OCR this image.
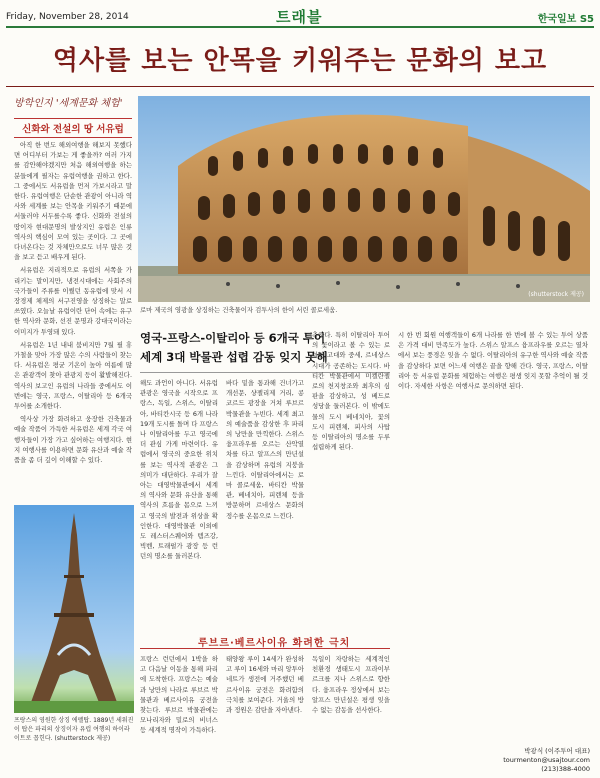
Friday, November 28, 2014	트래블	한국일보 S5
역사를 보는 안목을 키워주는 문화의 보고
방학인지 '세계문화 체험'
신화와 전설의 땅 서유럽

아직 한 번도 해외여행을 해보지 못했다면 어디부터 가보는 게 좋을까? 여러 가지를 감안해야겠지만 처음 해외여행을 하는 분들에게 필자는 유럽여행을 권하고 한다. 그 중에서도 서유럽을 먼저 가보시라고 말한다. 유럽여행은 단순한 관광이 아니라 역사와 세계를 보는 안목을 키워주기 때문에 서둘러야 서두를수록 좋다. 신화와 전설의 땅이자 현대문명의 발상지인 유럽은 인류 역사의 핵심이 모여 있는 곳이다. 그 곳에 다녀온다는 것 자체만으로도 너무 많은 것을 보고 듣고 배우게 된다.

서유럽은 지리적으로 유럽의 서쪽을 가리키는 말이지만, 냉전시대에는 사회주의 국가들이 주류를 이뤘던 동유럽에 맞서 시장경제 체제의 서구진영을 상징하는 말로 쓰였다. 오늘날 유럽이란 단어 속에는 유구한 역사와 문화, 선진 문명과 강대국이라는 이미지가 투영돼 있다.

서유럽은 1년 내내 붐비지만 7월 필 휴가철을 맞아 가장 많은 수의 사람들이 찾는다. 서유럽은 평균 기온이 높아 여름에 많은 관광객이 찾아 관광지 등이 활발해진다. 역사의 보고인 유럽의 나라들 중에서도 이번에는 영국, 프랑스, 이탈리아 등 6개국 투어를 소개한다.

역사상 가장 화려하고 웅장한 건축물과 예술 작품이 가득한 서유럽은 세계 각국 여행자들이 가장 가고 싶어하는 여행지다. 현지 여행사를 이용하면 문화 유산과 예술 작품을 좀 더 깊이 이해할 수 있다.

(shutterstock 제공)
로마 제국의 영광을 상징하는 건축물이자 검투사의 한이 서린 콜로세움.
영국-프랑스-이탈리아 등 6개국 투어
세계 3대 박물관 섭렵 감동 잊지 못해
해도 과언이 아니다. 서유럽 관광은 영국을 시작으로 프랑스, 독일, 스위스, 이탈리아, 바티칸시국 등 6개 나라 19개 도시를 돌며 다 프랑스나 이탈리아를 두고 영국에 더 관심 가게 마련이다. 유럽에서 영국의 중요한 위치를 보는 역사적 관광은 그 의미가 대단하다. 우리가 잘 아는 대영박물관에서 세계의 역사와 문화 유산을 통해 역사의 흐름을 몸으로 느끼고 영국의 발전과 위상을 확인한다. 대영박물관 이외에도 레스터스퀘어와 템즈강, 빅벤, 트래펄가 광장 등 런던의 명소를 둘러본다.
바다 밑을 통과해 건너가고 개선문, 샹젤리제 거리, 콩코르드 광장을 거쳐 루브르 박물관을 누빈다. 세계 최고의 예술품을 감상한 후 파리의 낭만을 만끽한다. 스위스 융프라우를 오르는 산악열차를 타고 알프스의 만년설을 감상하며 유럽의 지붕을 느낀다. 이탈리아에서는 로마 콜로세움, 바티칸 박물관, 베네치아, 피렌체 등을 방문하며 르네상스 문화의 정수를 온몸으로 느낀다.
측하다. 특히 이탈리아 투어의 꽃이라고 볼 수 있는 로마는 고대와 중세, 르네상스 시대가 공존하는 도시다. 바티칸 박물관에서 미켈란젤로의 천지창조와 최후의 심판을 감상하고, 성 베드로 성당을 둘러본다. 이 밖에도 물의 도시 베네치아, 꽃의 도시 피렌체, 피사의 사탑 등 이탈리아의 명소를 두루 섭렵하게 된다.
시 한 번 회원 여행객들이 6개 나라를 한 번에 볼 수 있는 투어 상품은 가격 대비 만족도가 높다. 스위스 알프스 융프라우를 오르는 열차에서 보는 풍경은 잊을 수 없다. 이탈리아의 유구한 역사와 예술 작품을 감상하다 보면 어느새 여행은 끝을 향해 간다. 영국, 프랑스, 이탈리아 등 서유럽 문화를 체험하는 여행은 평생 잊지 못할 추억이 될 것이다. 자세한 사항은 여행사로 문의하면 된다.
루브르·베르사이유 화려한 극치
프랑스 런던에서 1박을 하고 다음날 이동을 통해 파리에 도착한다. 프랑스는 예술과 낭만의 나라로 루브르 박물관과 베르사이유 궁전을 찾는다. 루브르 박물관에는 모나리자와 밀로의 비너스 등 세계적 명작이 가득하다.
태양왕 루이 14세가 완성하고 루이 16세와 마리 앙투아네트가 생전에 거주했던 베르사이유 궁전은 화려함의 극치를 보여준다. 거울의 방과 정원은 감탄을 자아낸다.
독일이 자랑하는 세계적인 친환경 생태도시 프라이부르크를 지나 스위스로 향한다. 융프라우 정상에서 보는 알프스 만년설은 평생 잊을 수 없는 감동을 선사한다.
프랑스의 영원한 상징 에펠탑. 1889년 세워진 이 탑은 파리의 상징이자 유럽 여행의 하이라이트로 꼽힌다. (shutterstock 제공)
박광식 (이주투어 대표)
tourmenton@usajtour.com
(213)388-4000
